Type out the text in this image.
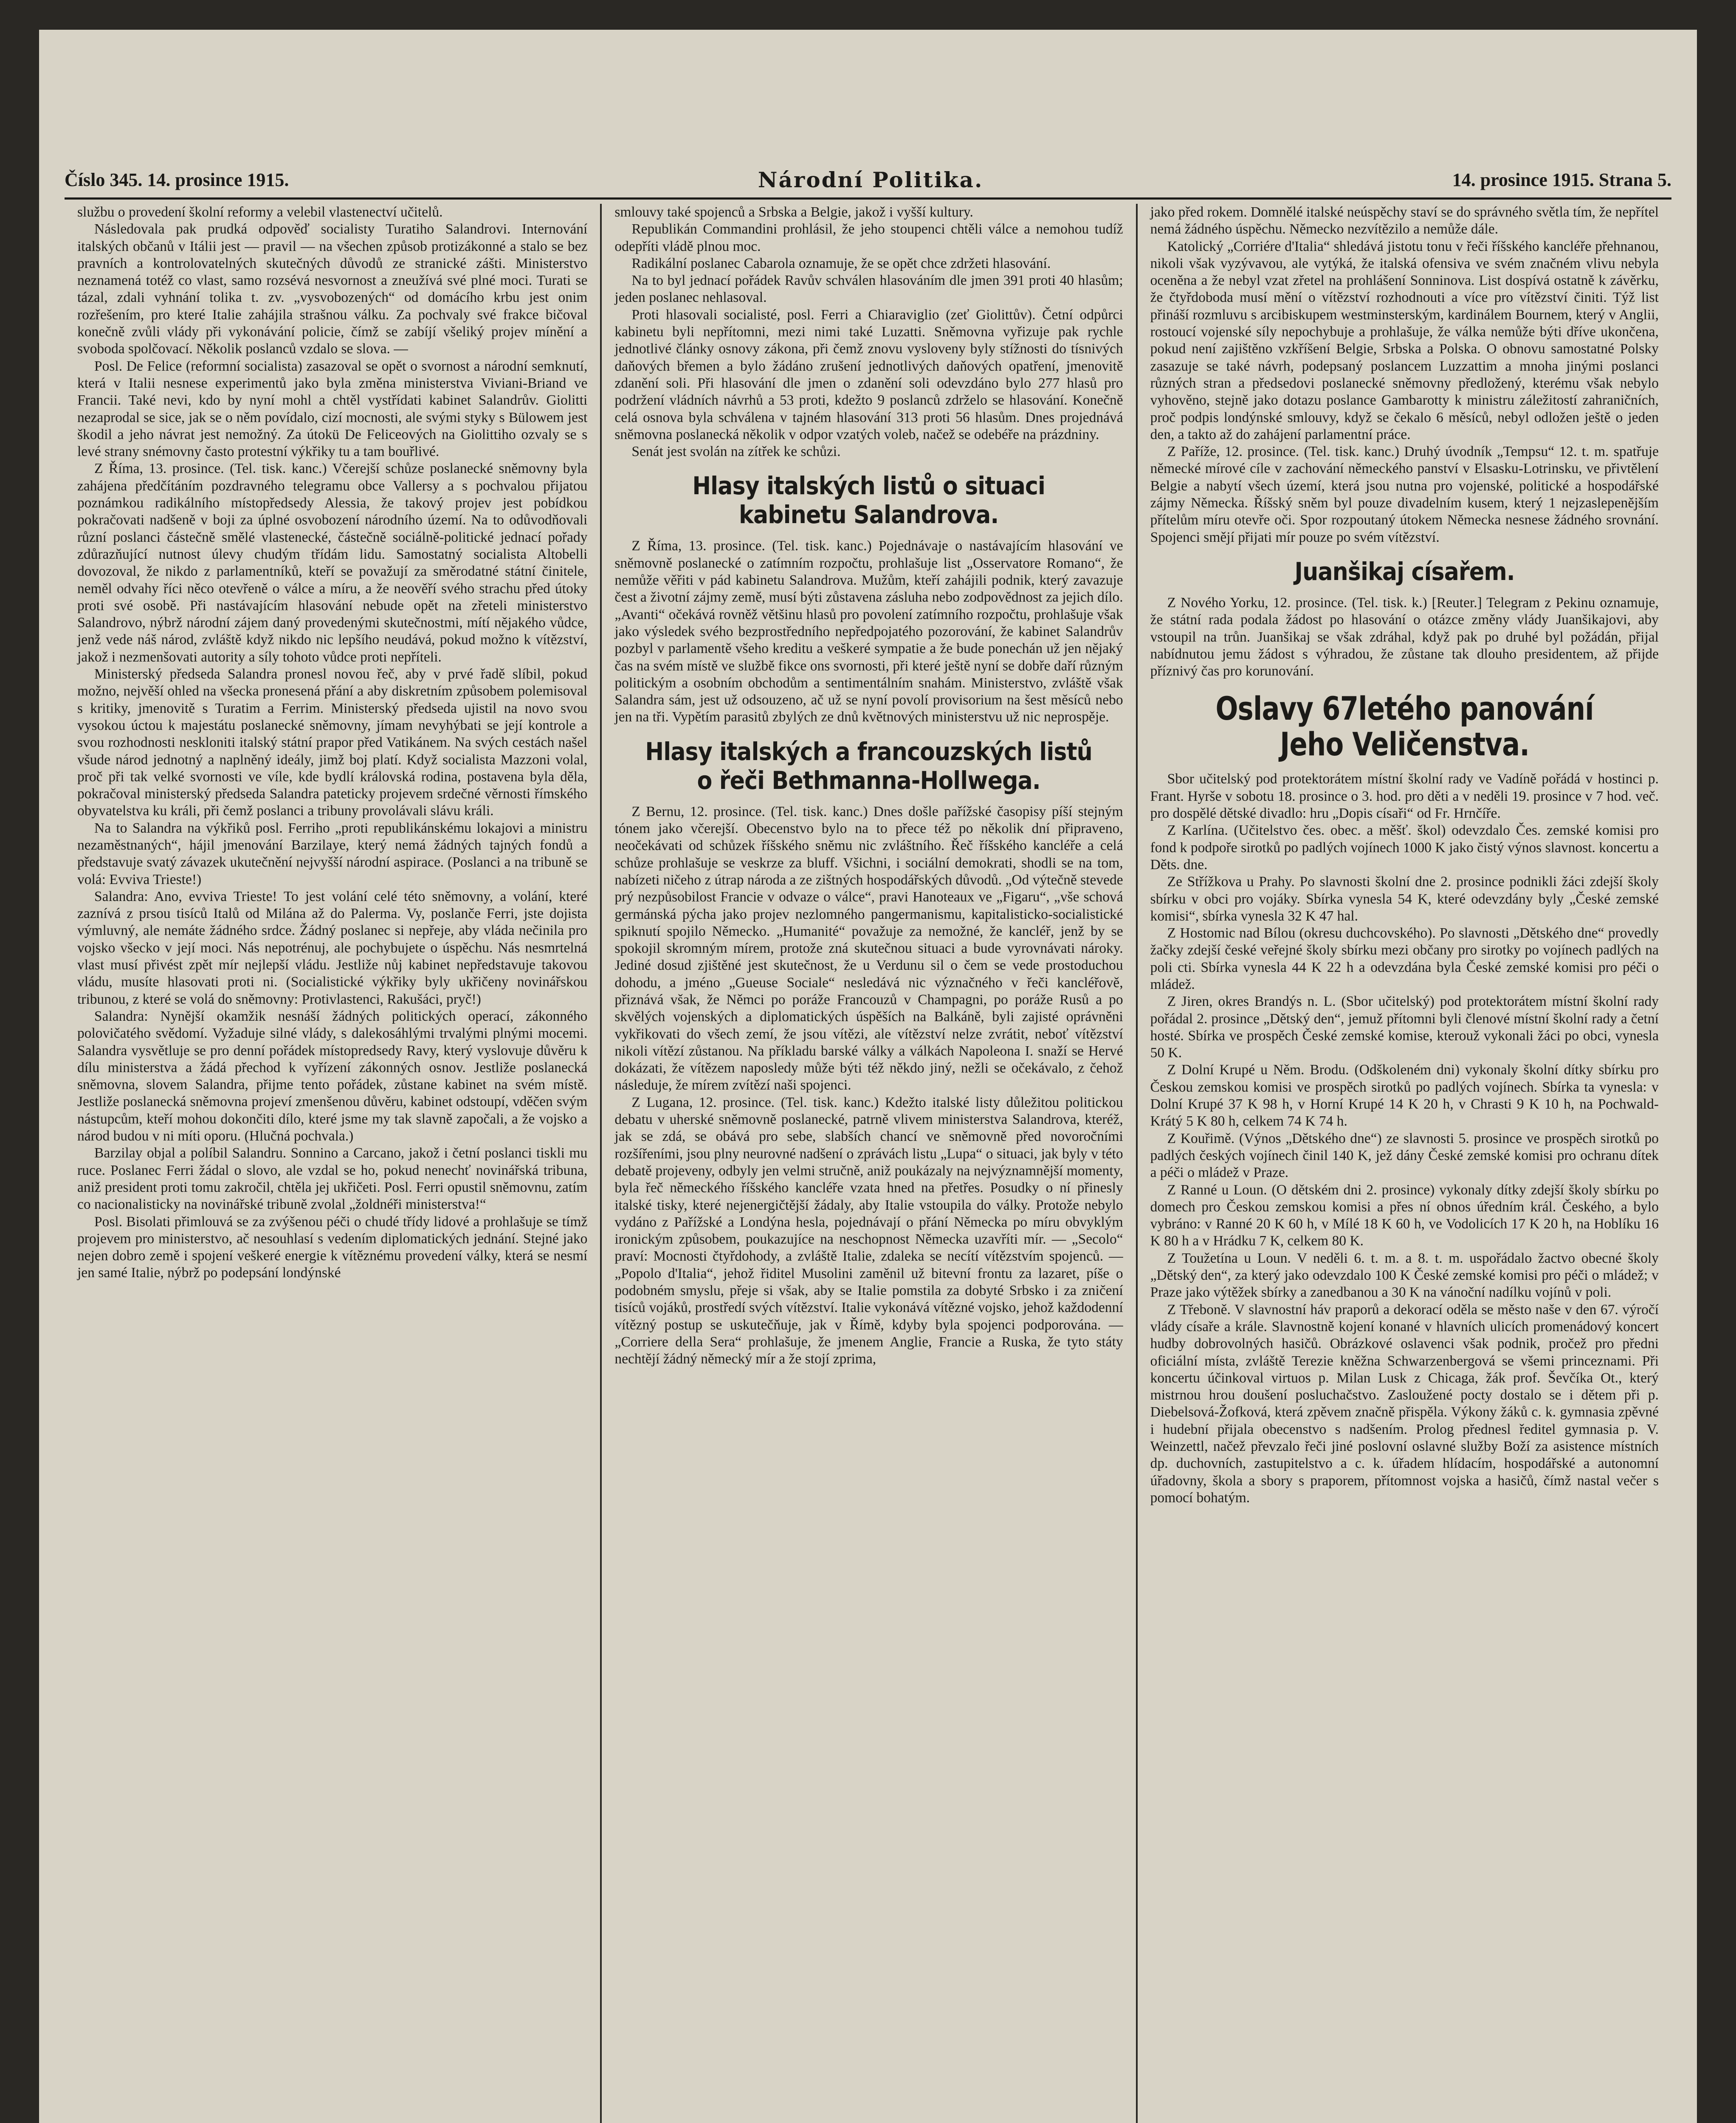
Číslo 345. 14. prosince 1915.	Národní Politika.	14. prosince 1915. Strana 5.

službu o provedení školní reformy a velebil vlastenectví učitelů.

Následovala pak prudká odpověď socialisty Turatiho Salandrovi. Internování italských občanů v Itálii jest — pravil — na všechen způsob protizákonné a stalo se bez pravních a kontrolovatelných skutečných důvodů ze stranické zášti. Ministerstvo neznamená totéž co vlast, samo rozsévá nesvornost a zneužívá své plné moci. Turati se tázal, zdali vyhnání tolika t. zv. „vysvobozených“ od domácího krbu jest onim rozřešením, pro které Italie zahájila strašnou válku. Za pochvaly své frakce bičoval konečně zvůli vlády při vykonávání policie, čímž se zabíjí všeliký projev mínění a svoboda spolčovací. Několik poslanců vzdalo se slova. —

Posl. De Felice (reformní socialista) zasazoval se opět o svornost a národní semknutí, která v Italii nesnese experimentů jako byla změna ministerstva Viviani-Briand ve Francii. Také nevi, kdo by nyní mohl a chtěl vystřídati kabinet Salandrův. Giolitti nezaprodal se sice, jak se o něm povídalo, cizí mocnosti, ale svými styky s Bülowem jest škodil a jeho návrat jest nemožný. Za útokü De Feliceových na Giolittiho ozvaly se s levé strany snémovny často protestní výkřiky tu a tam bouřlivé.

Z Říma, 13. prosince. (Tel. tisk. kanc.) Včerejší schůze poslanecké sněmovny byla zahájena předčítáním pozdravného telegramu obce Vallersy a s pochvalou přijatou poznámkou radikálního místopředsedy Alessia, že takový projev jest pobídkou pokračovati nadšeně v boji za úplné osvobození národního území. Na to odůvodňovali různí poslanci částečně smělé vlastenecké, částečně sociálně-politické jednací pořady zdůrazňující nutnost úlevy chudým třídám lidu. Samostatný socialista Altobelli dovozoval, že nikdo z parlamentníků, kteří se považují za směrodatné státní činitele, neměl odvahy říci něco otevřeně o válce a míru, a že neověří svého strachu před útoky proti své osobě. Při nastávajícím hlasování nebude opět na zřeteli ministerstvo Salandrovo, nýbrž národní zájem daný provedenými skutečnostmi, mítí nějakého vůdce, jenž vede náš národ, zvláště když nikdo nic lepšího neudává, pokud možno k vítězství, jakož i nezmenšovati autority a síly tohoto vůdce proti nepříteli.

Ministerský předseda Salandra pronesl novou řeč, aby v prvé řadě slíbil, pokud možno, nejvěší ohled na všecka pronesená přání a aby diskretním způsobem polemisoval s kritiky, jmenovitě s Turatim a Ferrim. Ministerský předseda ujistil na novo svou vysokou úctou k majestátu poslanecké sněmovny, jímam nevyhýbati se její kontrole a svou rozhodnosti neskloniti italský státní prapor před Vatikánem. Na svých cestách našel všude národ jednotný a naplněný ideály, jimž boj platí. Když socialista Mazzoni volal, proč při tak velké svornosti ve víle, kde bydlí královská rodina, postavena byla děla, pokračoval ministerský předseda Salandra pateticky projevem srdečné věrnosti římského obyvatelstva ku králi, při čemž poslanci a tribuny provolávali slávu králi.

Na to Salandra na výkřiků posl. Ferriho „proti republikánskému lokajovi a ministru nezaměstnaných“, hájil jmenování Barzilaye, který nemá žádných tajných fondů a představuje svatý závazek ukutečnění nejvyšší národní aspirace. (Poslanci a na tribuně se volá: Evviva Trieste!)

Salandra: Ano, evviva Trieste! To jest volání celé této sněmovny, a volání, které zaznívá z prsou tisíců Italů od Milána až do Palerma. Vy, poslanče Ferri, jste dojista výmluvný, ale nemáte žádného srdce. Žádný poslanec si nepřeje, aby vláda nečinila pro vojsko všecko v její moci. Nás nepotrénuj, ale pochybujete o úspěchu. Nás nesmrtelná vlast musí přivést zpět mír nejlepší vládu. Jestliže nůj kabinet nepředstavuje takovou vládu, musíte hlasovati proti ni. (Socialistické výkřiky byly ukřičeny novinářskou tribunou, z které se volá do sněmovny: Protivlastenci, Rakušáci, pryč!)

Salandra: Nynější okamžik nesnáší žádných politických operací, zákonného polovičatého svědomí. Vyžaduje silné vlády, s dalekosáhlými trvalými plnými mocemi. Salandra vysvětluje se pro denní pořádek místopredsedy Ravy, který vyslovuje důvěru k dílu ministerstva a žádá přechod k vyřízení zákonných osnov. Jestliže poslanecká sněmovna, slovem Salandra, přijme tento pořádek, zůstane kabinet na svém místě. Jestliže poslanecká sněmovna projeví zmenšenou důvěru, kabinet odstoupí, vděčen svým nástupcům, kteří mohou dokončiti dílo, které jsme my tak slavně započali, a že vojsko a národ budou v ni míti oporu. (Hlučná pochvala.)

Barzilay objal a políbil Salandru. Sonnino a Carcano, jakož i četní poslanci tiskli mu ruce. Poslanec Ferri žádal o slovo, ale vzdal se ho, pokud nenechť novinářská tribuna, aniž president proti tomu zakročil, chtěla jej ukřičeti. Posl. Ferri opustil sněmovnu, zatím co nacionalisticky na novinářské tribuně zvolal „žoldnéři ministerstva!“

Posl. Bisolati přimlouvá se za zvýšenou péči o chudé třídy lidové a prohlašuje se tímž projevem pro ministerstvo, ač nesouhlasí s vedením diplomatických jednání. Stejné jako nejen dobro země i spojení veškeré energie k vítěznému provedení války, která se nesmí jen samé Italie, nýbrž po podepsání londýnské

smlouvy také spojenců a Srbska a Belgie, jakož i vyšší kultury.

Republikán Commandini prohlásil, že jeho stoupenci chtěli válce a nemohou tudíž odepříti vládě plnou moc.

Radikální poslanec Cabarola oznamuje, že se opět chce zdržeti hlasování.

Na to byl jednací pořádek Ravův schválen hlasováním dle jmen 391 proti 40 hlasům; jeden poslanec nehlasoval.

Proti hlasovali socialisté, posl. Ferri a Chiaraviglio (zeť Giolittův). Četní odpůrci kabinetu byli nepřítomni, mezi nimi také Luzatti. Sněmovna vyřizuje pak rychle jednotlivé články osnovy zákona, při čemž znovu vysloveny byly stížnosti do tísnivých daňových břemen a bylo žádáno zrušení jednotlivých daňových opatření, jmenovitě zdanění soli. Při hlasování dle jmen o zdanění soli odevzdáno bylo 277 hlasů pro podržení vládních návrhů a 53 proti, kdežto 9 poslanců zdrželo se hlasování. Konečně celá osnova byla schválena v tajném hlasování 313 proti 56 hlasům. Dnes projednává sněmovna poslanecká několik v odpor vzatých voleb, načež se odebéře na prázdniny.

Senát jest svolán na zítřek ke schůzi.

Hlasy italských listů o situaci kabinetu Salandrova.

Z Říma, 13. prosince. (Tel. tisk. kanc.) Pojednávaje o nastávajícím hlasování ve sněmovně poslanecké o zatímním rozpočtu, prohlašuje list „Osservatore Romano“, že nemůže věřiti v pád kabinetu Salandrova. Mužům, kteří zahájili podnik, který zavazuje čest a životní zájmy země, musí býti zůstavena zásluha nebo zodpovědnost za jejich dílo. „Avanti“ očekává rovněž většinu hlasů pro povolení zatímního rozpočtu, prohlašuje však jako výsledek svého bezprostředního nepředpojatého pozorování, že kabinet Salandrův pozbyl v parlamentě všeho kreditu a veškeré sympatie a že bude ponechán už jen nějaký čas na svém místě ve službě fikce ons svornosti, při které ještě nyní se dobře daří různým politickým a osobním obchodům a sentimentálním snahám. Ministerstvo, zvláště však Salandra sám, jest už odsouzeno, ač už se nyní povolí provisorium na šest měsíců nebo jen na tři. Vypětím parasitů zbylých ze dnů květnových ministerstvu už nic neprospěje.

Hlasy italských a francouzských listů o řeči Bethmanna-Hollwega.

Z Bernu, 12. prosince. (Tel. tisk. kanc.) Dnes došle pařížské časopisy píší stejným tónem jako včerejší. Obecenstvo bylo na to přece též po několik dní připraveno, neočekávati od schůzek říšského sněmu nic zvláštního. Řeč říšského kancléře a celá schůze prohlašuje se veskrze za bluff. Všichni, i sociální demokrati, shodli se na tom, nabízeti ničeho z útrap národa a ze zištných hospodářských důvodů. „Od výtečně stevede prý nezpůsobilost Francie v odvaze o válce“, pravi Hanoteaux ve „Figaru“, „vše schová germánská pýcha jako projev nezlomného pangermanismu, kapitalisticko-socialistické spiknutí spojilo Německo. „Humanité“ považuje za nemožné, že kancléř, jenž by se spokojil skromným mírem, protože zná skutečnou situaci a bude vyrovnávati nároky. Jediné dosud zjištěné jest skutečnost, že u Verdunu sil o čem se vede prostoduchou dohodu, a jméno „Gueuse Sociale“ nesledává nic význačného v řeči kancléřově, přiznává však, že Němci po poráže Francouzů v Champagni, po poráže Rusů a po skvělých vojenských a diplomatických úspěších na Balkáně, byli zajisté oprávněni vykřikovati do všech zemí, že jsou vítězi, ale vítězství nelze zvrátit, neboť vítězství nikoli vítězí zůstanou. Na příkladu barské války a válkách Napoleona I. snaží se Hervé dokázati, že vítězem naposledy může býti též někdo jiný, nežli se očekávalo, z čehož následuje, že mírem zvítězí naši spojenci.

Z Lugana, 12. prosince. (Tel. tisk. kanc.) Kdežto italské listy důležitou politickou debatu v uherské sněmovně poslanecké, patrně vlivem ministerstva Salandrova, kteréž, jak se zdá, se obává pro sebe, slabších chancí ve sněmovně před novoročními rozšířeními, jsou plny neurovné nadšení o zprávách listu „Lupa“ o situaci, jak byly v této debatě projeveny, odbyly jen velmi stručně, aniž poukázaly na nejvýznamnější momenty, byla řeč německého říšského kancléře vzata hned na přetřes. Posudky o ní přinesly italské tisky, které nejenergičtější žádaly, aby Italie vstoupila do války. Protože nebylo vydáno z Pařížské a Londýna hesla, pojednávají o přání Německa po míru obvyklým ironickým způsobem, poukazujíce na neschopnost Německa uzavříti mír. — „Secolo“ praví: Mocnosti čtyřdohody, a zvláště Italie, zdaleka se necítí vítězstvím spojenců. — „Popolo d'Italia“, jehož řiditel Musolini zaměnil už bitevní frontu za lazaret, píše o podobném smyslu, přeje si však, aby se Italie pomstila za dobyté Srbsko i za zničení tisíců vojáků, prostředí svých vítězství. Italie vykonává vítězné vojsko, jehož každodenní vítězný postup se uskutečňuje, jak v Římě, kdyby byla spojenci podporována. — „Corriere della Sera“ prohlašuje, že jmenem Anglie, Francie a Ruska, že tyto státy nechtějí žádný německý mír a že stojí zprima,

jako před rokem. Domnělé italské neúspěchy staví se do správného světla tím, že nepřítel nemá žádného úspěchu. Německo nezvítězilo a nemůže dále.

Katolický „Corriére d'Italia“ shledává jistotu tonu v řeči říšského kancléře přehnanou, nikoli však vyzývavou, ale vytýká, že italská ofensiva ve svém značném vlivu nebyla oceněna a že nebyl vzat zřetel na prohlášení Sonninova. List dospívá ostatně k závěrku, že čtyřdoboda musí mění o vítězství rozhodnouti a více pro vítězství činiti. Týž list přináší rozmluvu s arcibiskupem westminsterským, kardinálem Bournem, který v Anglii, rostoucí vojenské síly nepochybuje a prohlašuje, že válka nemůže býti dříve ukončena, pokud není zajištěno vzkříšení Belgie, Srbska a Polska. O obnovu samostatné Polsky zasazuje se také návrh, podepsaný poslancem Luzzattim a mnoha jinými poslanci různých stran a předsedovi poslanecké sněmovny předložený, kterému však nebylo vyhověno, stejně jako dotazu poslance Gambarotty k ministru záležitostí zahraničních, proč podpis londýnské smlouvy, když se čekalo 6 měsíců, nebyl odložen ještě o jeden den, a takto až do zahájení parlamentní práce.

Z Paříže, 12. prosince. (Tel. tisk. kanc.) Druhý úvodník „Tempsu“ 12. t. m. spatřuje německé mírové cíle v zachování německého panství v Elsasku-Lotrinsku, ve přivtělení Belgie a nabytí všech území, která jsou nutna pro vojenské, politické a hospodářské zájmy Německa. Říšský sněm byl pouze divadelním kusem, který 1 nejzaslepenějším přítelům míru otevře oči. Spor rozpoutaný útokem Německa nesnese žádného srovnání. Spojenci smějí přijati mír pouze po svém vítězství.

Juanšikaj císařem.

Z Nového Yorku, 12. prosince. (Tel. tisk. k.) [Reuter.] Telegram z Pekinu oznamuje, že státní rada podala žádost po hlasování o otázce změny vlády Juanšikajovi, aby vstoupil na trůn. Juanšikaj se však zdráhal, když pak po druhé byl požádán, přijal nabídnutou jemu žádost s výhradou, že zůstane tak dlouho presidentem, až přijde příznivý čas pro korunování.

Oslavy 67letého panování Jeho Veličenstva.

Sbor učitelský pod protektorátem místní školní rady ve Vadíně pořádá v hostinci p. Frant. Hyrše v sobotu 18. prosince o 3. hod. pro děti a v neděli 19. prosince v 7 hod. več. pro dospělé dětské divadlo: hru „Dopis císaři“ od Fr. Hrnčíře.

Z Karlína. (Učitelstvo čes. obec. a měšť. škol) odevzdalo Čes. zemské komisi pro fond k podpoře sirotků po padlých vojínech 1000 K jako čistý výnos slavnost. koncertu a Děts. dne.

Ze Střížkova u Prahy. Po slavnosti školní dne 2. prosince podnikli žáci zdejší školy sbírku v obci pro vojáky. Sbírka vynesla 54 K, které odevzdány byly „České zemské komisi“, sbírka vynesla 32 K 47 hal.

Z Hostomic nad Bílou (okresu duchcovského). Po slavnosti „Dětského dne“ provedly žačky zdejší české veřejné školy sbírku mezi občany pro sirotky po vojínech padlých na poli cti. Sbírka vynesla 44 K 22 h a odevzdána byla České zemské komisi pro péči o mládež.

Z Jiren, okres Brandýs n. L. (Sbor učitelský) pod protektorátem místní školní rady pořádal 2. prosince „Dětský den“, jemuž přítomni byli členové místní školní rady a četní hosté. Sbírka ve prospěch České zemské komise, kterouž vykonali žáci po obci, vynesla 50 K.

Z Dolní Krupé u Něm. Brodu. (Odškoleném dni) vykonaly školní dítky sbírku pro Českou zemskou komisi ve prospěch sirotků po padlých vojínech. Sbírka ta vynesla: v Dolní Krupé 37 K 98 h, v Horní Krupé 14 K 20 h, v Chrasti 9 K 10 h, na Pochwald-Krátý 5 K 80 h, celkem 74 K 74 h.

Z Kouřimě. (Výnos „Dětského dne“) ze slavnosti 5. prosince ve prospěch sirotků po padlých českých vojínech činil 140 K, jež dány České zemské komisi pro ochranu dítek a péči o mládež v Praze.

Z Ranné u Loun. (O dětském dni 2. prosince) vykonaly dítky zdejší školy sbírku po domech pro Českou zemskou komisi a přes ní obnos úředním král. Českého, a bylo vybráno: v Ranné 20 K 60 h, v Mílé 18 K 60 h, ve Vodolicích 17 K 20 h, na Hoblíku 16 K 80 h a v Hrádku 7 K, celkem 80 K.

Z Toužetína u Loun. V neděli 6. t. m. a 8. t. m. uspořádalo žactvo obecné školy „Dětský den“, za který jako odevzdalo 100 K České zemské komisi pro péči o mládež; v Praze jako výtěžek sbírky a zanedbanou a 30 K na vánoční nadílku vojínů v poli.

Z Třeboně. V slavnostní háv praporů a dekorací oděla se město naše v den 67. výročí vlády císaře a krále. Slavnostně kojení konané v hlavních ulicích promenádový koncert hudby dobrovolných hasičů. Obrázkové oslavenci však podnik, pročež pro předni oficiální místa, zvláště Terezie kněžna Schwarzenbergová se všemi princeznami. Při koncertu účinkoval virtuos p. Milan Lusk z Chicaga, žák prof. Ševčíka Ot., který mistrnou hrou doušení posluchačstvo. Zasloužené pocty dostalo se i dětem při p. Diebelsová-Žofková, která zpěvem značně přispěla. Výkony žáků c. k. gymnasia zpěvné i hudební přijala obecenstvo s nadšením. Prolog přednesl ředitel gymnasia p. V. Weinzettl, načež převzalo řeči jiné poslovní oslavné služby Boží za asistence místních dp. duchovních, zastupitelstvo a c. k. úřadem hlídacím, hospodářské a autonomní úřadovny, škola a sbory s praporem, přítomnost vojska a hasičů, čímž nastal večer s pomocí bohatým.
